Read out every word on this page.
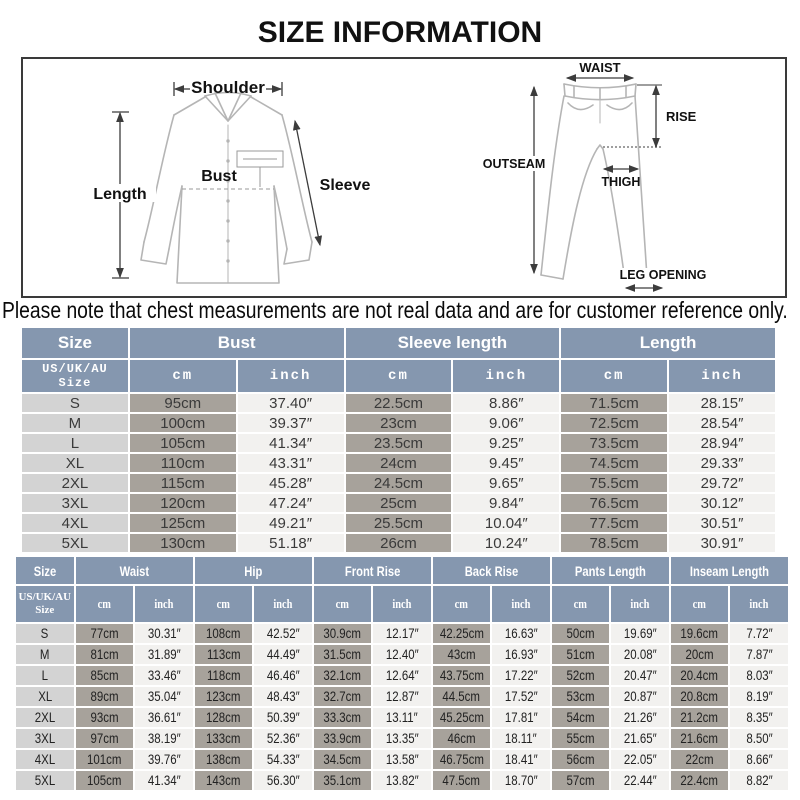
SIZE INFORMATION
Shoulder
Length
Bust
Sleeve
WAIST
RISE
OUTSEAM
THIGH
LEG OPENING
Please note that chest measurements are not real data and are for customer reference only.
Size	Bust		Sleeve length		Length	
US/UK/AU
Size	cm	inch	cm	inch	cm	inch
S	95cm	37.40″	22.5cm	8.86″	71.5cm	28.15″
M	100cm	39.37″	23cm	9.06″	72.5cm	28.54″
L	105cm	41.34″	23.5cm	9.25″	73.5cm	28.94″
XL	110cm	43.31″	24cm	9.45″	74.5cm	29.33″
2XL	115cm	45.28″	24.5cm	9.65″	75.5cm	29.72″
3XL	120cm	47.24″	25cm	9.84″	76.5cm	30.12″
4XL	125cm	49.21″	25.5cm	10.04″	77.5cm	30.51″
5XL	130cm	51.18″	26cm	10.24″	78.5cm	30.91″
Size	Waist		Hip		Front Rise		Back Rise		Pants Length		Inseam Length	
US/UK/AU
Size	cm	inch	cm	inch	cm	inch	cm	inch	cm	inch	cm	inch
S	77cm	30.31″	108cm	42.52″	30.9cm	12.17″	42.25cm	16.63″	50cm	19.69″	19.6cm	7.72″
M	81cm	31.89″	113cm	44.49″	31.5cm	12.40″	43cm	16.93″	51cm	20.08″	20cm	7.87″
L	85cm	33.46″	118cm	46.46″	32.1cm	12.64″	43.75cm	17.22″	52cm	20.47″	20.4cm	8.03″
XL	89cm	35.04″	123cm	48.43″	32.7cm	12.87″	44.5cm	17.52″	53cm	20.87″	20.8cm	8.19″
2XL	93cm	36.61″	128cm	50.39″	33.3cm	13.11″	45.25cm	17.81″	54cm	21.26″	21.2cm	8.35″
3XL	97cm	38.19″	133cm	52.36″	33.9cm	13.35″	46cm	18.11″	55cm	21.65″	21.6cm	8.50″
4XL	101cm	39.76″	138cm	54.33″	34.5cm	13.58″	46.75cm	18.41″	56cm	22.05″	22cm	8.66″
5XL	105cm	41.34″	143cm	56.30″	35.1cm	13.82″	47.5cm	18.70″	57cm	22.44″	22.4cm	8.82″
